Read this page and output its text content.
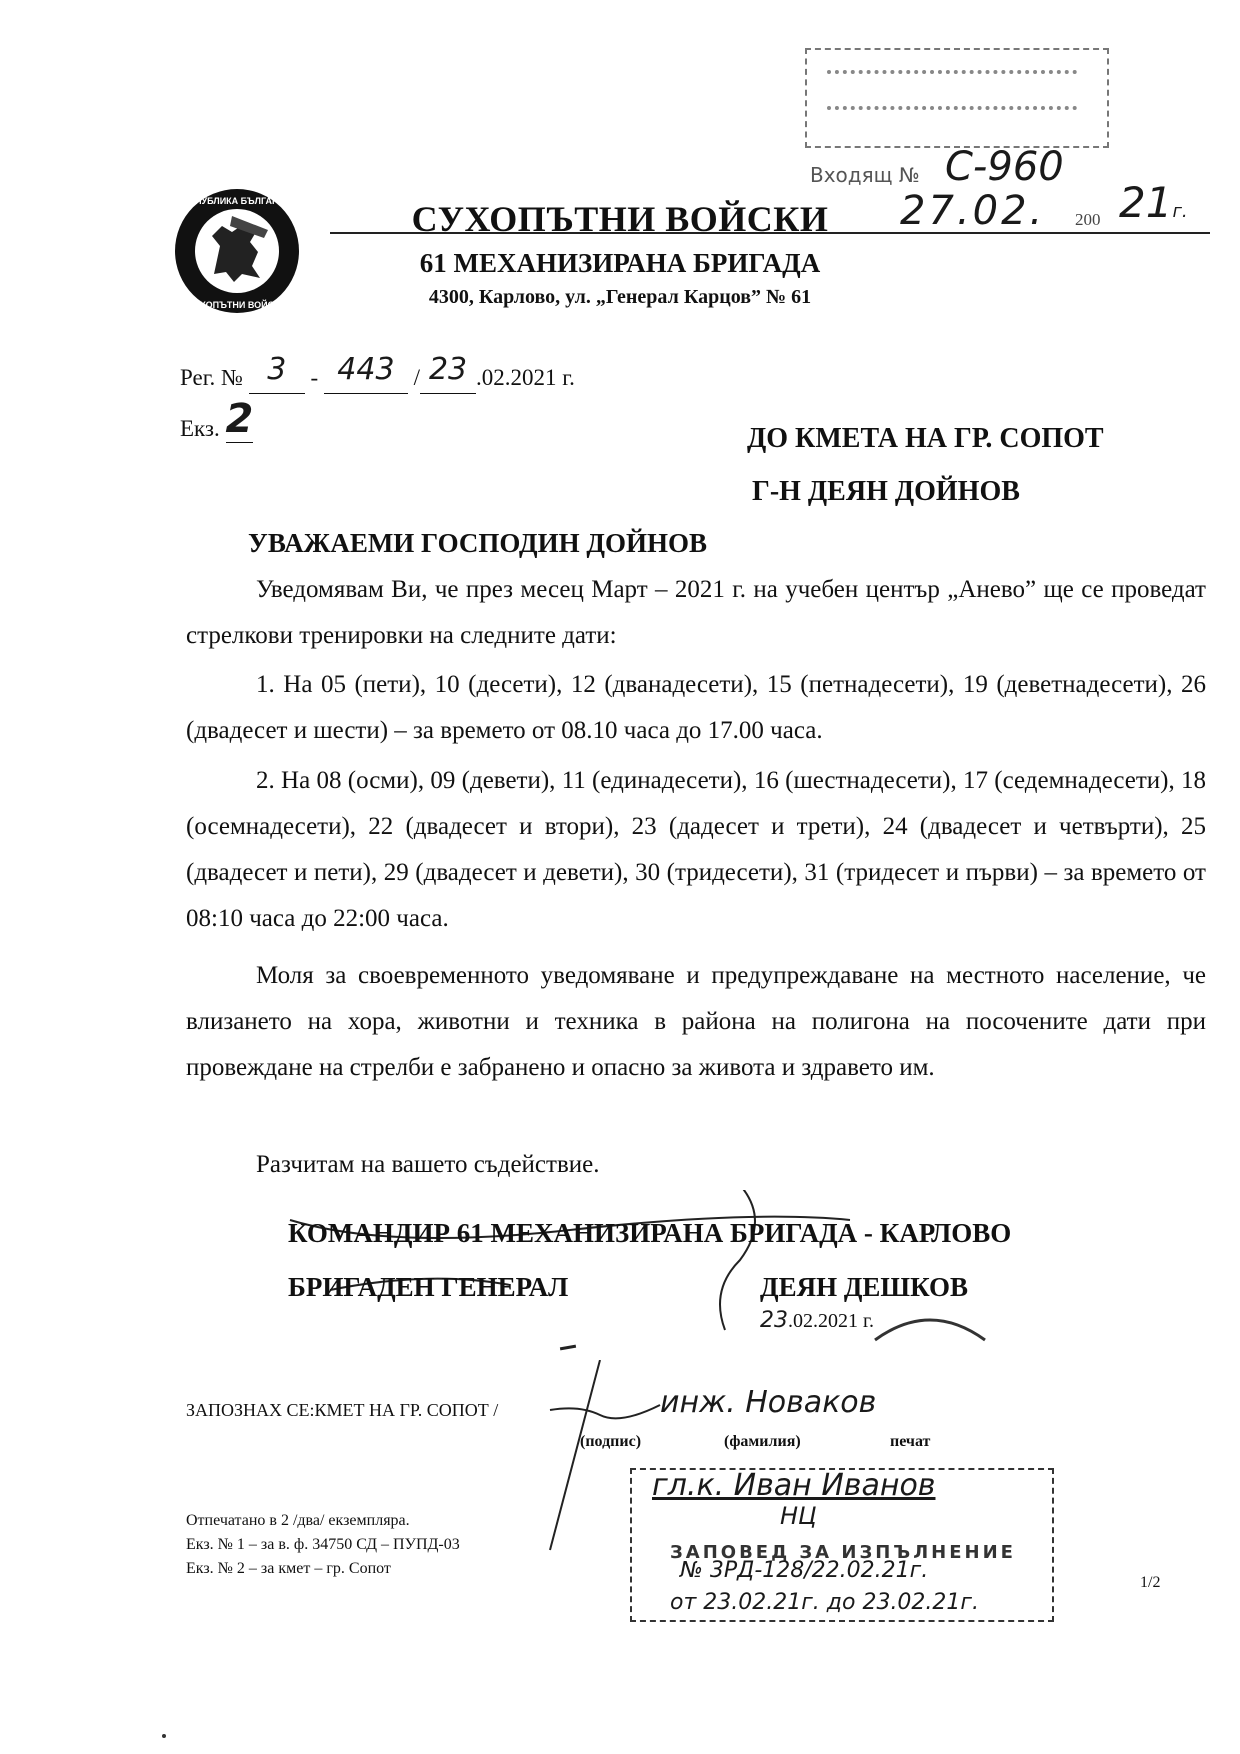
РЕПУБЛИКА БЪЛГАРИЯ
СУХОПЪТНИ ВОЙСКИ
СУХОПЪТНИ ВОЙСКИ
61 МЕХАНИЗИРАНА БРИГАДА
4300, Карлово, ул. „Генерал Карцов” № 61
Входящ № С-960
27.02. 200 21г.
Рег. № 3 - 443 / 23 .02.2021 г.
Екз. 2	ДО КМЕТА НА ГР. СОПОТ
Г-Н ДЕЯН ДОЙНОВ
УВАЖАЕМИ ГОСПОДИН ДОЙНОВ
Уведомявам Ви, че през месец Март – 2021 г. на учебен център „Анево” ще се проведат стрелкови тренировки на следните дати:
1. На 05 (пети), 10 (десети), 12 (дванадесети), 15 (петнадесети), 19 (деветнадесети), 26 (двадесет и шести) – за времето от 08.10 часа до 17.00 часа.
2. На 08 (осми), 09 (девети), 11 (единадесети), 16 (шестнадесети), 17 (седемнадесети), 18 (осемнадесети), 22 (двадесет и втори), 23 (дадесет и трети), 24 (двадесет и четвърти), 25 (двадесет и пети), 29 (двадесет и девети), 30 (тридесети), 31 (тридесет и първи) – за времето от 08:10 часа до 22:00 часа.
Моля за своевременното уведомяване и предупреждаване на местното население, че влизането на хора, животни и техника в района на полигона на посочените дати при провеждане на стрелби е забранено и опасно за живота и здравето им.
Разчитам на вашето съдействие.
КОМАНДИР 61 МЕХАНИЗИРАНА БРИГАДА - КАРЛОВО
БРИГАДЕН ГЕНЕРАЛ	ДЕЯН ДЕШКОВ
23.02.2021 г.
ЗАПОЗНАХ СЕ:КМЕТ НА ГР. СОПОТ /	инж. Новаков
(подпис)	(фамилия)	печат
Отпечатано в 2 /два/ екземпляра.
Екз. № 1 – за в. ф. 34750 СД – ПУПД-03
Екз. № 2 – за кмет – гр. Сопот
1/2
гл.к. Иван Иванов
НЦ
ЗАПОВЕД ЗА ИЗПЪЛНЕНИЕ
№ 3РД-128/22.02.21г.
от 23.02.21г. до 23.02.21г.
